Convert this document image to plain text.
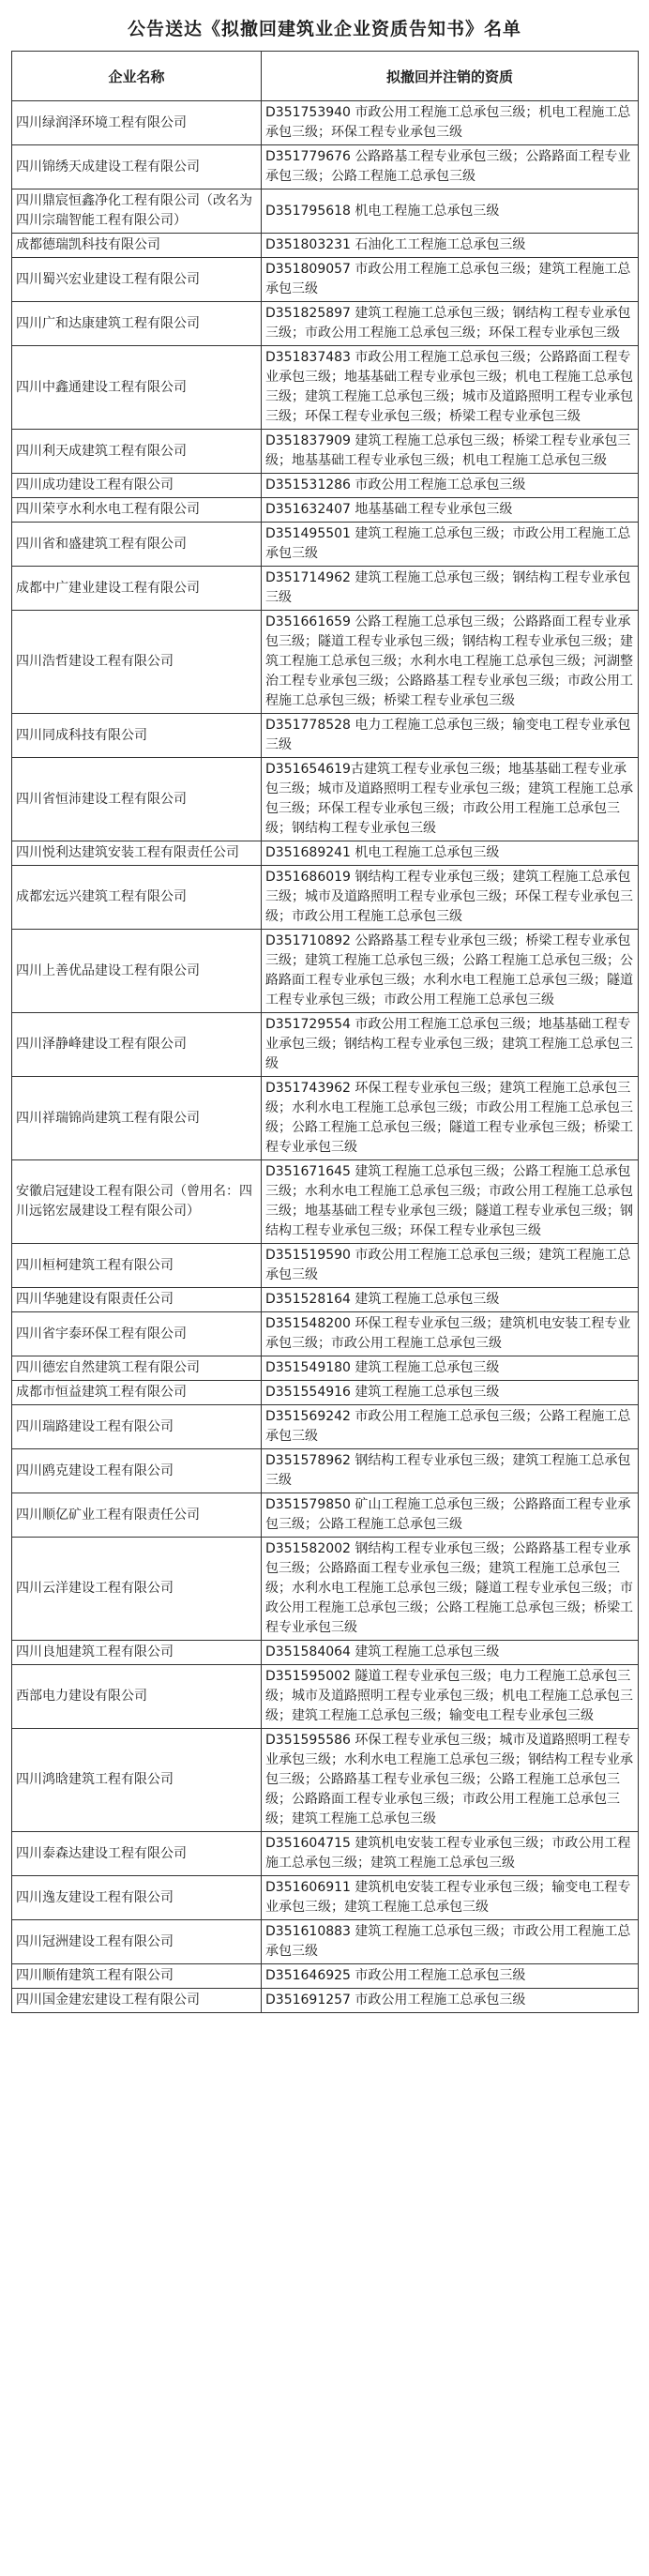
公告送达《拟撤回建筑业企业资质告知书》名单
企业名称	拟撤回并注销的资质
四川绿润泽环境工程有限公司	D351753940 市政公用工程施工总承包三级；机电工程施工总承包三级；环保工程专业承包三级
四川锦绣天成建设工程有限公司	D351779676 公路路基工程专业承包三级；公路路面工程专业承包三级；公路工程施工总承包三级
四川鼎宸恒鑫净化工程有限公司（改名为四川宗瑞智能工程有限公司）	D351795618 机电工程施工总承包三级
成都德瑞凯科技有限公司	D351803231 石油化工工程施工总承包三级
四川蜀兴宏业建设工程有限公司	D351809057 市政公用工程施工总承包三级；建筑工程施工总承包三级
四川广和达康建筑工程有限公司	D351825897 建筑工程施工总承包三级；钢结构工程专业承包三级；市政公用工程施工总承包三级；环保工程专业承包三级
四川中鑫通建设工程有限公司	D351837483 市政公用工程施工总承包三级；公路路面工程专业承包三级；地基基础工程专业承包三级；机电工程施工总承包三级；建筑工程施工总承包三级；城市及道路照明工程专业承包三级；环保工程专业承包三级；桥梁工程专业承包三级
四川利天成建筑工程有限公司	D351837909 建筑工程施工总承包三级；桥梁工程专业承包三级；地基基础工程专业承包三级；机电工程施工总承包三级
四川成功建设工程有限公司	D351531286 市政公用工程施工总承包三级
四川荣亨水利水电工程有限公司	D351632407 地基基础工程专业承包三级
四川省和盛建筑工程有限公司	D351495501 建筑工程施工总承包三级；市政公用工程施工总承包三级
成都中广建业建设工程有限公司	D351714962 建筑工程施工总承包三级；钢结构工程专业承包三级
四川浩哲建设工程有限公司	D351661659 公路工程施工总承包三级；公路路面工程专业承包三级；隧道工程专业承包三级；钢结构工程专业承包三级；建筑工程施工总承包三级；水利水电工程施工总承包三级；河湖整治工程专业承包三级；公路路基工程专业承包三级；市政公用工程施工总承包三级；桥梁工程专业承包三级
四川同成科技有限公司	D351778528 电力工程施工总承包三级；输变电工程专业承包三级
四川省恒沛建设工程有限公司	D351654619古建筑工程专业承包三级；地基基础工程专业承包三级；城市及道路照明工程专业承包三级；建筑工程施工总承包三级；环保工程专业承包三级；市政公用工程施工总承包三级；钢结构工程专业承包三级
四川悦利达建筑安装工程有限责任公司	D351689241 机电工程施工总承包三级
成都宏远兴建筑工程有限公司	D351686019 钢结构工程专业承包三级；建筑工程施工总承包三级；城市及道路照明工程专业承包三级；环保工程专业承包三级；市政公用工程施工总承包三级
四川上善优品建设工程有限公司	D351710892 公路路基工程专业承包三级；桥梁工程专业承包三级；建筑工程施工总承包三级；公路工程施工总承包三级；公路路面工程专业承包三级；水利水电工程施工总承包三级；隧道工程专业承包三级；市政公用工程施工总承包三级
四川泽静峰建设工程有限公司	D351729554 市政公用工程施工总承包三级；地基基础工程专业承包三级；钢结构工程专业承包三级；建筑工程施工总承包三级
四川祥瑞锦尚建筑工程有限公司	D351743962 环保工程专业承包三级；建筑工程施工总承包三级；水利水电工程施工总承包三级；市政公用工程施工总承包三级；公路工程施工总承包三级；隧道工程专业承包三级；桥梁工程专业承包三级
安徽启冠建设工程有限公司（曾用名：四川远铭宏晟建设工程有限公司）	D351671645 建筑工程施工总承包三级；公路工程施工总承包三级；水利水电工程施工总承包三级；市政公用工程施工总承包三级；地基基础工程专业承包三级；隧道工程专业承包三级；钢结构工程专业承包三级；环保工程专业承包三级
四川桓柯建筑工程有限公司	D351519590 市政公用工程施工总承包三级；建筑工程施工总承包三级
四川华驰建设有限责任公司	D351528164 建筑工程施工总承包三级
四川省宇泰环保工程有限公司	D351548200 环保工程专业承包三级；建筑机电安装工程专业承包三级；市政公用工程施工总承包三级
四川德宏自然建筑工程有限公司	D351549180 建筑工程施工总承包三级
成都市恒益建筑工程有限公司	D351554916 建筑工程施工总承包三级
四川瑞路建设工程有限公司	D351569242 市政公用工程施工总承包三级；公路工程施工总承包三级
四川鸥克建设工程有限公司	D351578962 钢结构工程专业承包三级；建筑工程施工总承包三级
四川顺亿矿业工程有限责任公司	D351579850 矿山工程施工总承包三级；公路路面工程专业承包三级；公路工程施工总承包三级
四川云洋建设工程有限公司	D351582002 钢结构工程专业承包三级；公路路基工程专业承包三级；公路路面工程专业承包三级；建筑工程施工总承包三级；水利水电工程施工总承包三级；隧道工程专业承包三级；市政公用工程施工总承包三级；公路工程施工总承包三级；桥梁工程专业承包三级
四川良旭建筑工程有限公司	D351584064 建筑工程施工总承包三级
西部电力建设有限公司	D351595002 隧道工程专业承包三级；电力工程施工总承包三级；城市及道路照明工程专业承包三级；机电工程施工总承包三级；建筑工程施工总承包三级；输变电工程专业承包三级
四川鸿晗建筑工程有限公司	D351595586 环保工程专业承包三级；城市及道路照明工程专业承包三级；水利水电工程施工总承包三级；钢结构工程专业承包三级；公路路基工程专业承包三级；公路工程施工总承包三级；公路路面工程专业承包三级；市政公用工程施工总承包三级；建筑工程施工总承包三级
四川泰森达建设工程有限公司	D351604715 建筑机电安装工程专业承包三级；市政公用工程施工总承包三级；建筑工程施工总承包三级
四川逸友建设工程有限公司	D351606911 建筑机电安装工程专业承包三级；输变电工程专业承包三级；建筑工程施工总承包三级
四川冠洲建设工程有限公司	D351610883 建筑工程施工总承包三级；市政公用工程施工总承包三级
四川顺侑建筑工程有限公司	D351646925 市政公用工程施工总承包三级
四川国金建宏建设工程有限公司	D351691257 市政公用工程施工总承包三级
